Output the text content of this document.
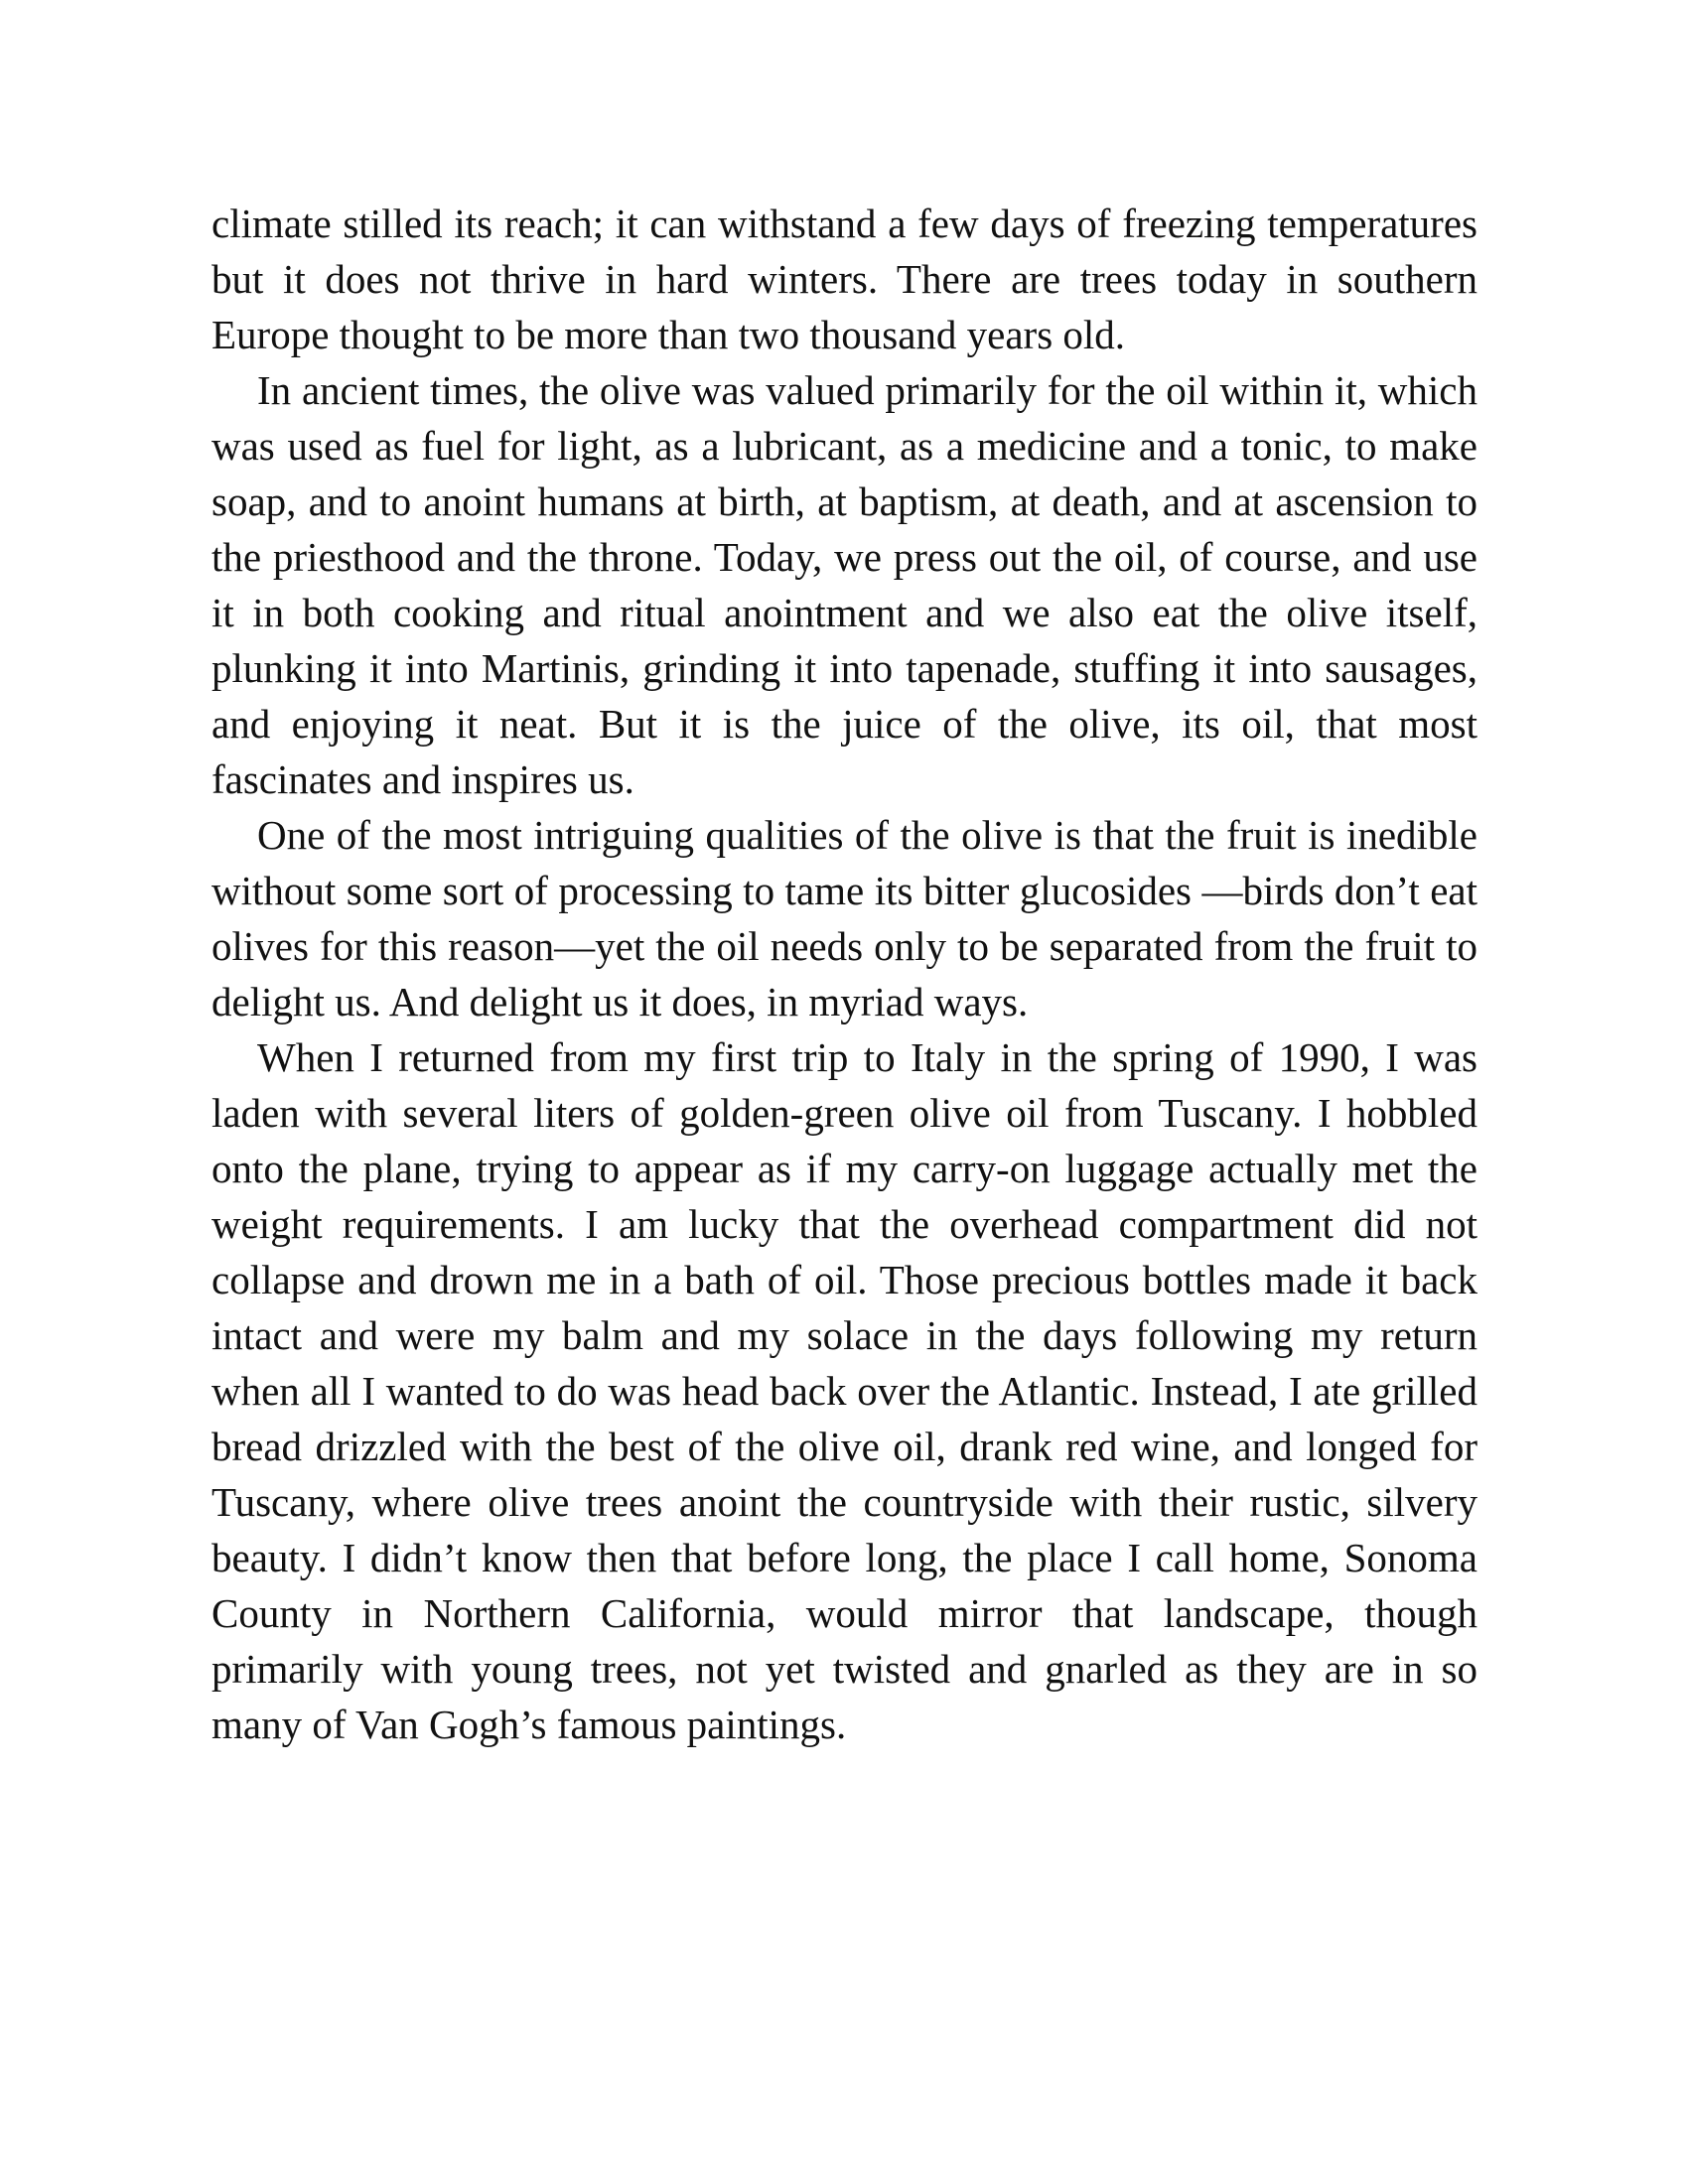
climate stilled its reach; it can withstand a few days of freezing temperatures but it does not thrive in hard winters. There are trees today in southern Europe thought to be more than two thousand years old.

In ancient times, the olive was valued primarily for the oil within it, which was used as fuel for light, as a lubricant, as a medicine and a tonic, to make soap, and to anoint humans at birth, at baptism, at death, and at ascension to the priesthood and the throne. Today, we press out the oil, of course, and use it in both cooking and ritual anointment and we also eat the olive itself, plunking it into Martinis, grinding it into tapenade, stuffing it into sausages, and enjoying it neat. But it is the juice of the olive, its oil, that most fascinates and inspires us.

One of the most intriguing qualities of the olive is that the fruit is inedible without some sort of processing to tame its bitter glucosides —birds don’t eat olives for this reason—yet the oil needs only to be separated from the fruit to delight us. And delight us it does, in myriad ways.

When I returned from my first trip to Italy in the spring of 1990, I was laden with several liters of golden-green olive oil from Tuscany. I hobbled onto the plane, trying to appear as if my carry-on luggage actually met the weight requirements. I am lucky that the overhead compartment did not collapse and drown me in a bath of oil. Those precious bottles made it back intact and were my balm and my solace in the days following my return when all I wanted to do was head back over the Atlantic. Instead, I ate grilled bread drizzled with the best of the olive oil, drank red wine, and longed for Tuscany, where olive trees anoint the countryside with their rustic, silvery beauty. I didn’t know then that before long, the place I call home, Sonoma County in Northern California, would mirror that landscape, though primarily with young trees, not yet twisted and gnarled as they are in so many of Van Gogh’s famous paintings.
